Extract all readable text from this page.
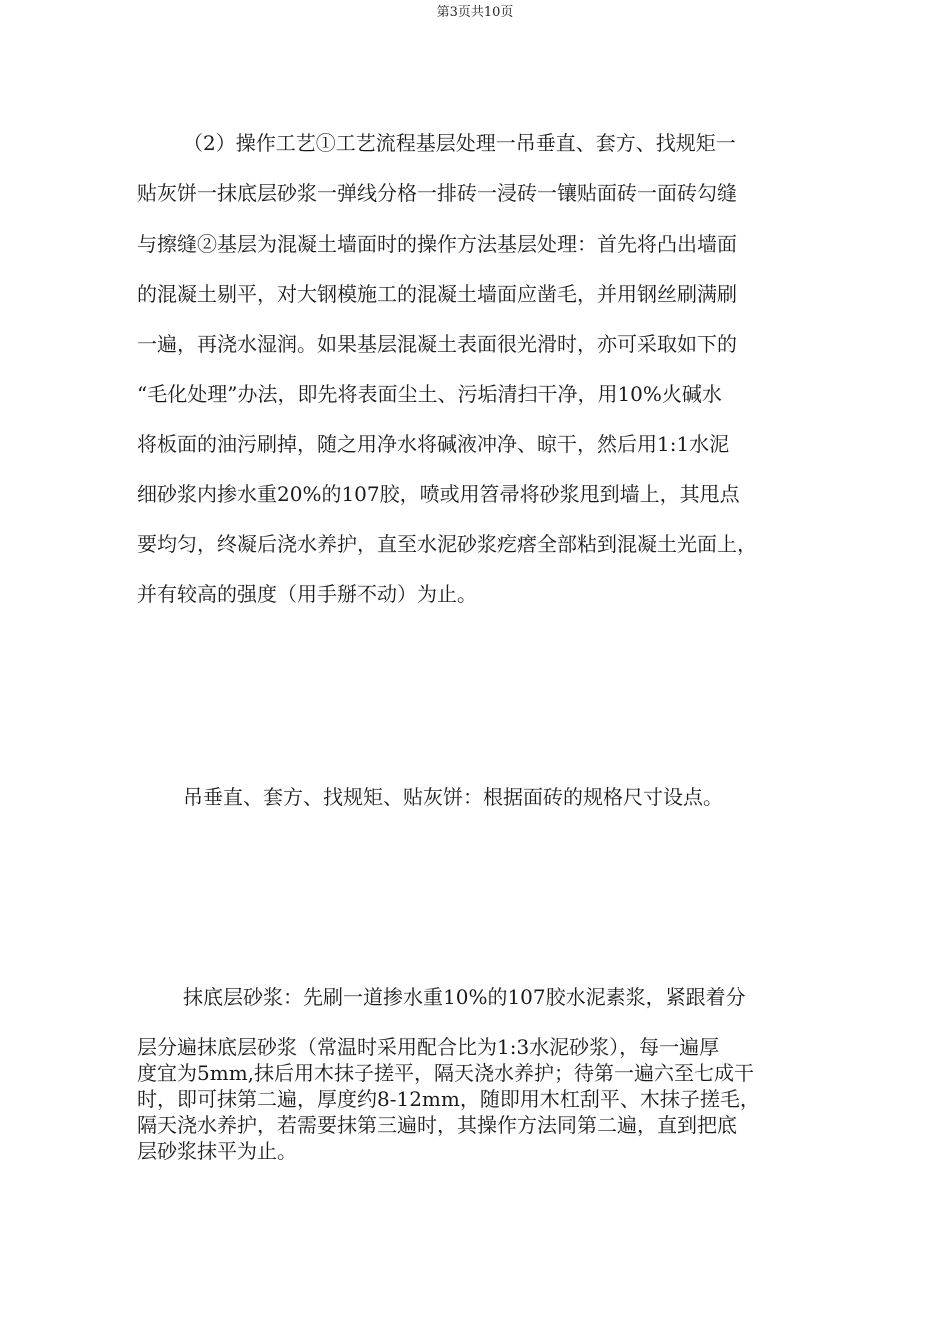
第3页共10页

（2）操作工艺①工艺流程基层处理一吊垂直、套方、找规矩一

贴灰饼一抹底层砂浆一弹线分格一排砖一浸砖一镶贴面砖一面砖勾缝

与擦缝②基层为混凝土墙面时的操作方法基层处理：首先将凸出墙面

的混凝土剔平，对大钢模施工的混凝土墙面应凿毛，并用钢丝刷满刷

一遍，再浇水湿润。如果基层混凝土表面很光滑时，亦可采取如下的

“毛化处理”办法，即先将表面尘土、污垢清扫干净，用10%火碱水

将板面的油污刷掉，随之用净水将碱液冲净、晾干，然后用1:1水泥

细砂浆内掺水重20%的107胶，喷或用笤帚将砂浆甩到墙上，其甩点

要均匀，终凝后浇水养护，直至水泥砂浆疙瘩全部粘到混凝土光面上，

并有较高的强度（用手掰不动）为止。

吊垂直、套方、找规矩、贴灰饼：根据面砖的规格尺寸设点。

抹底层砂浆：先刷一道掺水重10%的107胶水泥素浆，紧跟着分

层分遍抹底层砂浆（常温时采用配合比为1:3水泥砂浆），每一遍厚

度宜为5mm,抹后用木抹子搓平，隔天浇水养护；待第一遍六至七成干

时，即可抹第二遍，厚度约8-12mm，随即用木杠刮平、木抹子搓毛，

隔天浇水养护，若需要抹第三遍时，其操作方法同第二遍，直到把底

层砂浆抹平为止。
